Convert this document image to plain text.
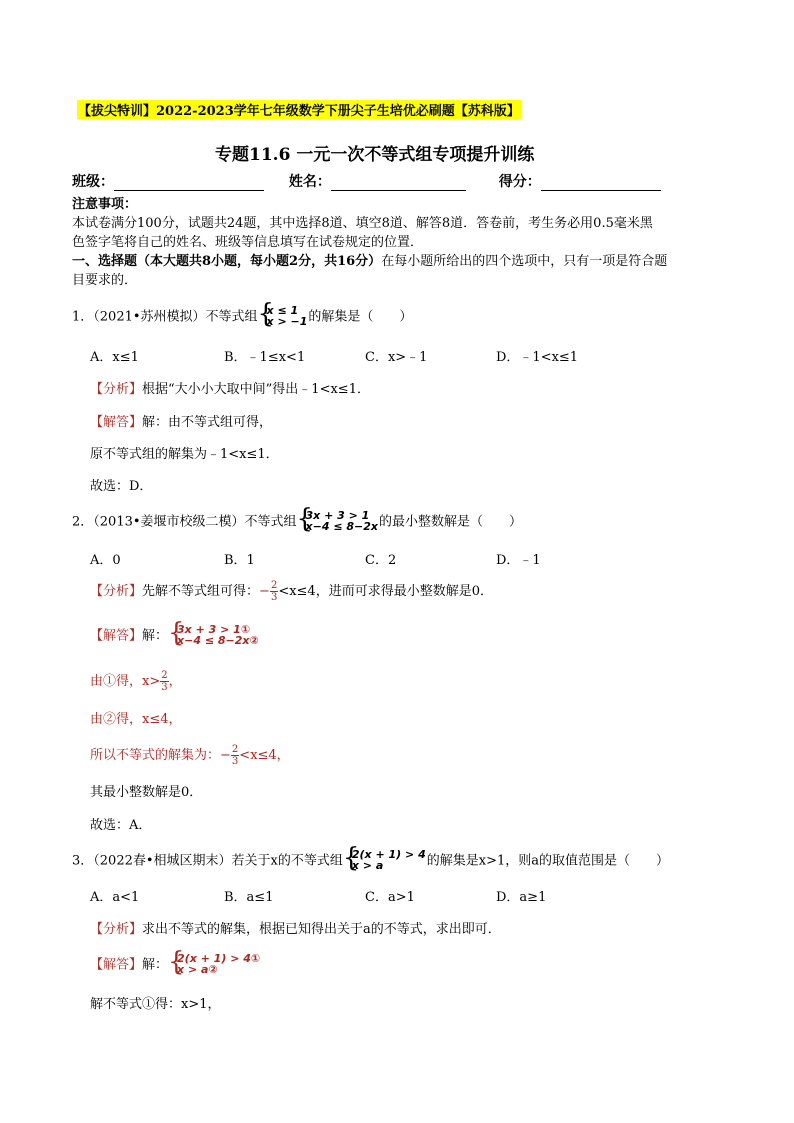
【拔尖特训】2022-2023学年七年级数学下册尖子生培优必刷题【苏科版】
专题11.6 一元一次不等式组专项提升训练
班级：	姓名：	得分：
注意事项：
本试卷满分100分，试题共24题，其中选择8道、填空8道、解答8道．答卷前，考生务必用0.5毫米黑
色签字笔将自己的姓名、班级等信息填写在试卷规定的位置．
一、选择题（本大题共8小题，每小题2分，共16分）在每小题所给出的四个选项中，只有一项是符合题
目要求的．
1．（2021•苏州模拟）不等式组 {
x ≤ 1
x > −1的解集是（　　）
A．x≤1	B．﹣1≤x<1	C．x>﹣1	D．﹣1<x≤1
【分析】根据“大小小大取中间”得出﹣1<x≤1．
【解答】解：由不等式组可得，
原不等式组的解集为﹣1<x≤1．
故选：D．
2．（2013•姜堰市校级二模）不等式组 {
3x + 3 > 1
x−4 ≤ 8−2x的最小整数解是（　　）
A．0	B．1	C．2	D．﹣1
【分析】先解不等式组可得：− $\frac{2}{3} <x\le 4$，进而可求得最小整数解是0．
【解答】解： {
3x + 3 > 1①
x−4 ≤ 8−2x②
由①得，$x> \frac{2}{3}$ ，
由②得，x≤4，
所以不等式的解集为：− $\frac{2}{3} <x\le 4$，
其最小整数解是0．
故选：A．
3．（2022春•相城区期末）若关于x的不等式组 {
2(x + 1) > 4
x > a	的解集是x>1，则a的取值范围是（　　）
A．a<1	B．a≤1	C．a>1	D．a≥1
【分析】求出不等式的解集，根据已知得出关于a的不等式，求出即可．
【解答】解： {
2(x + 1) > 4①
x > a②
解不等式①得：x>1，
